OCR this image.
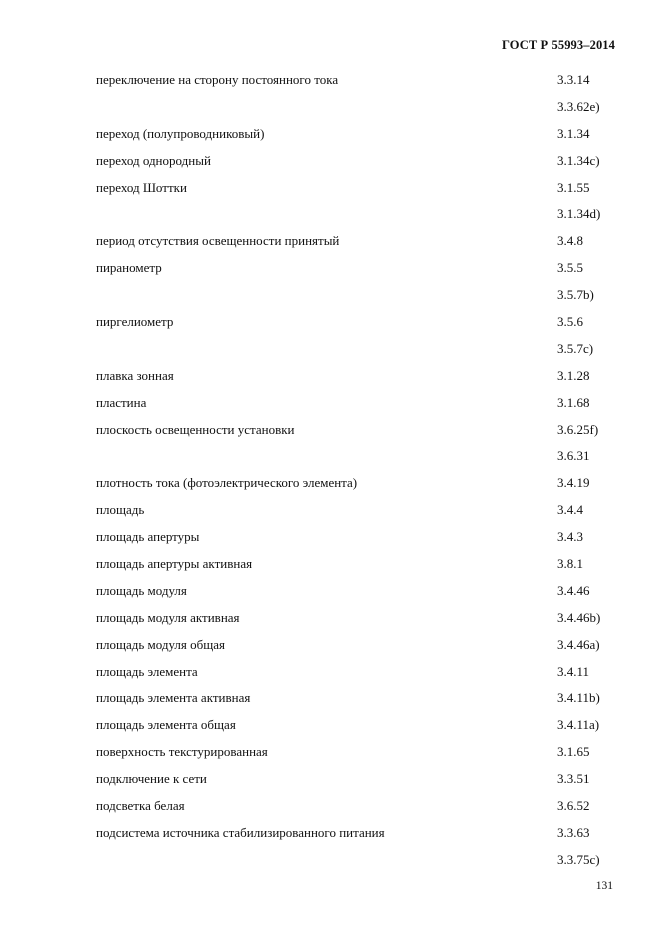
ГОСТ Р 55993–2014
переключение на сторону постоянного тока	3.3.14
3.3.62e)
переход (полупроводниковый)	3.1.34
переход однородный	3.1.34c)
переход Шоттки	3.1.55
3.1.34d)
период отсутствия освещенности принятый	3.4.8
пиранометр	3.5.5
3.5.7b)
пиргелиометр	3.5.6
3.5.7c)
плавка зонная	3.1.28
пластина	3.1.68
плоскость освещенности установки	3.6.25f)
3.6.31
плотность тока (фотоэлектрического элемента)	3.4.19
площадь	3.4.4
площадь апертуры	3.4.3
площадь апертуры активная	3.8.1
площадь модуля	3.4.46
площадь модуля активная	3.4.46b)
площадь модуля общая	3.4.46a)
площадь элемента	3.4.11
площадь элемента активная	3.4.11b)
площадь элемента общая	3.4.11a)
поверхность текстурированная	3.1.65
подключение к сети	3.3.51
подсветка белая	3.6.52
подсистема источника стабилизированного питания	3.3.63
3.3.75c)
131
